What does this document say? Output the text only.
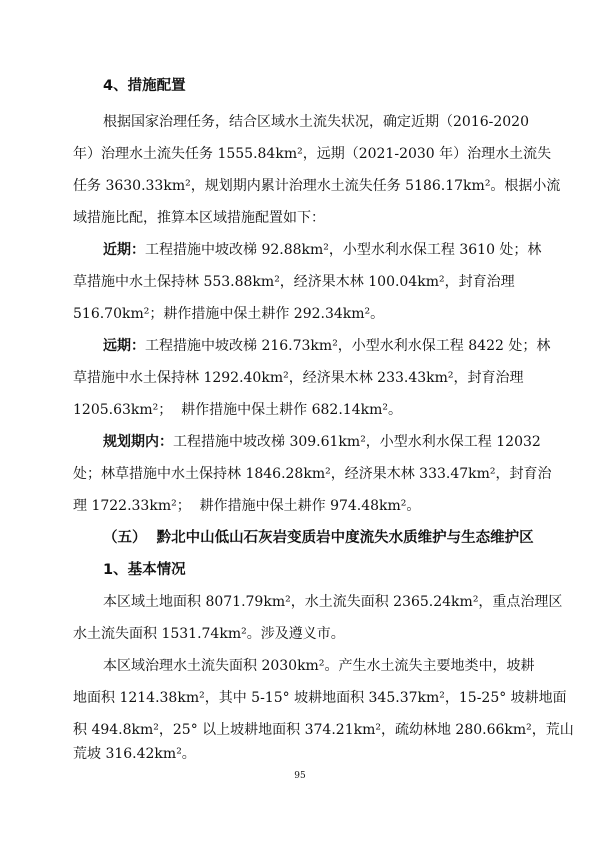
4、措施配置
根据国家治理任务，结合区域水土流失状况，确定近期（2016-2020
年）治理水土流失任务 1555.84km²，远期（2021-2030 年）治理水土流失
任务 3630.33km²，规划期内累计治理水土流失任务 5186.17km²。根据小流
域措施比配，推算本区域措施配置如下：
近期： 工程措施中坡改梯 92.88km²，小型水利水保工程 3610 处；林
草措施中水土保持林 553.88km²，经济果木林 100.04km²，封育治理
516.70km²；耕作措施中保土耕作 292.34km²。
远期： 工程措施中坡改梯 216.73km²，小型水利水保工程 8422 处；林
草措施中水土保持林 1292.40km²，经济果木林 233.43km²，封育治理
1205.63km²；  耕作措施中保土耕作 682.14km²。
规划期内： 工程措施中坡改梯 309.61km²，小型水利水保工程 12032
处；林草措施中水土保持林 1846.28km²，经济果木林 333.47km²，封育治
理 1722.33km²；  耕作措施中保土耕作 974.48km²。
（五）  黔北中山低山石灰岩变质岩中度流失水质维护与生态维护区
1、基本情况
本区域土地面积 8071.79km²，水土流失面积 2365.24km²，重点治理区
水土流失面积 1531.74km²。涉及遵义市。
本区域治理水土流失面积 2030km²。产生水土流失主要地类中，坡耕
地面积 1214.38km²，其中 5-15° 坡耕地面积 345.37km²，15-25° 坡耕地面
积 494.8km²，25° 以上坡耕地面积 374.21km²，疏幼林地 280.66km²，荒山
荒坡 316.42km²。
95
